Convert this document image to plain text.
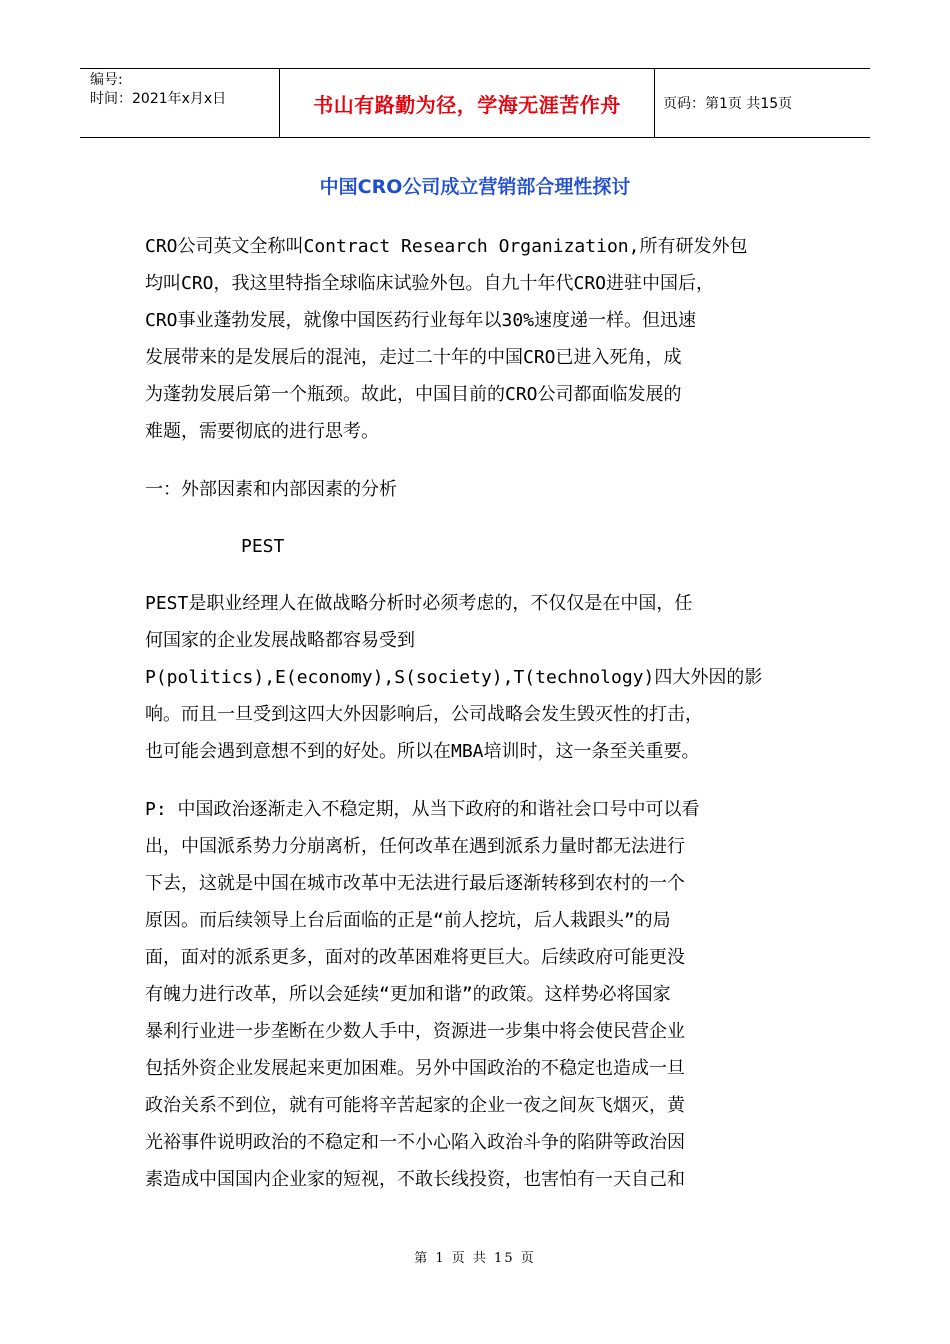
编号:
时间：2021年x月x日	书山有路勤为径，学海无涯苦作舟	页码：第1页 共15页
中国CRO公司成立营销部合理性探讨

CRO公司英文全称叫Contract Research Organization,所有研发外包

均叫CRO，我这里特指全球临床试验外包。自九十年代CRO进驻中国后，

CRO事业蓬勃发展，就像中国医药行业每年以30%速度递一样。但迅速

发展带来的是发展后的混沌，走过二十年的中国CRO已进入死角，成

为蓬勃发展后第一个瓶颈。故此，中国目前的CRO公司都面临发展的

难题，需要彻底的进行思考。

一：外部因素和内部因素的分析

PEST

PEST是职业经理人在做战略分析时必须考虑的，不仅仅是在中国，任

何国家的企业发展战略都容易受到

P(politics),E(economy),S(society),T(technology)四大外因的影

响。而且一旦受到这四大外因影响后，公司战略会发生毁灭性的打击，

也可能会遇到意想不到的好处。所以在MBA培训时，这一条至关重要。

P: 中国政治逐渐走入不稳定期，从当下政府的和谐社会口号中可以看

出，中国派系势力分崩离析，任何改革在遇到派系力量时都无法进行

下去，这就是中国在城市改革中无法进行最后逐渐转移到农村的一个

原因。而后续领导上台后面临的正是“前人挖坑，后人栽跟头”的局

面，面对的派系更多，面对的改革困难将更巨大。后续政府可能更没

有魄力进行改革，所以会延续“更加和谐”的政策。这样势必将国家

暴利行业进一步垄断在少数人手中，资源进一步集中将会使民营企业

包括外资企业发展起来更加困难。另外中国政治的不稳定也造成一旦

政治关系不到位，就有可能将辛苦起家的企业一夜之间灰飞烟灭，黄

光裕事件说明政治的不稳定和一不小心陷入政治斗争的陷阱等政治因

素造成中国国内企业家的短视，不敢长线投资，也害怕有一天自己和

第 1 页 共 15 页
